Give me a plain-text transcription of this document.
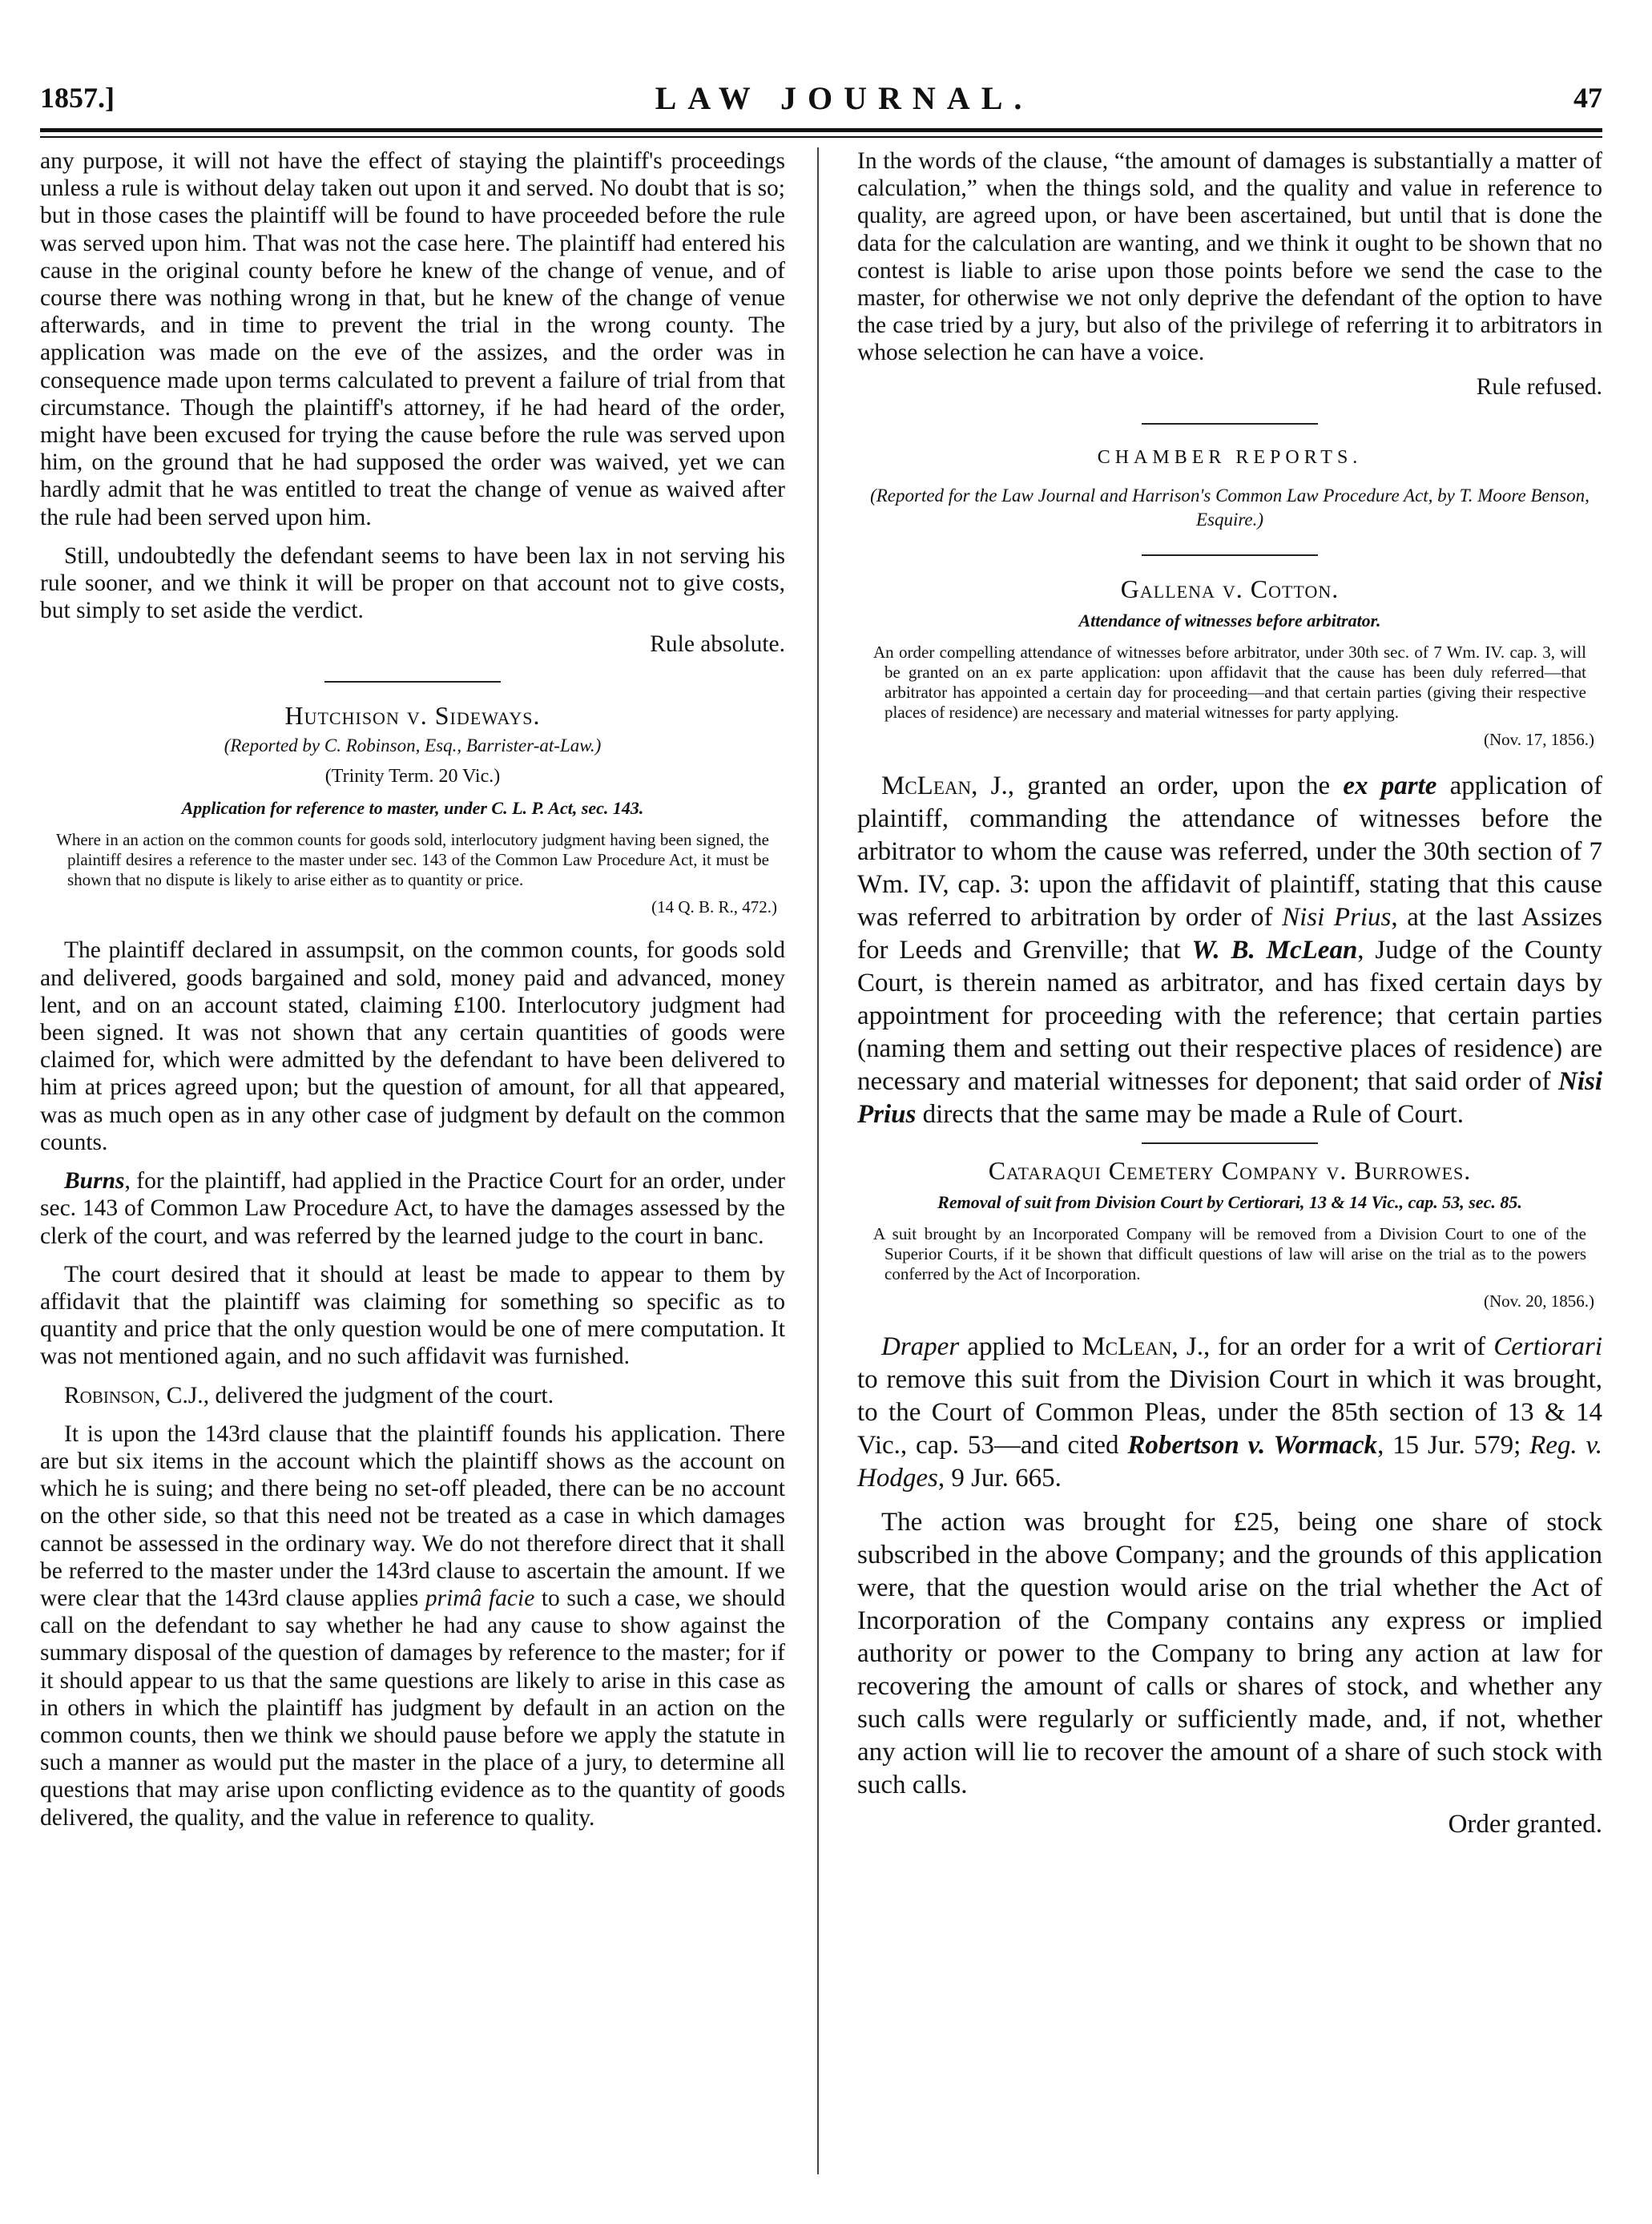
1857.]	LAW JOURNAL.	47

any purpose, it will not have the effect of staying the plaintiff's proceedings unless a rule is without delay taken out upon it and served. No doubt that is so; but in those cases the plaintiff will be found to have proceeded before the rule was served upon him. That was not the case here. The plaintiff had entered his cause in the original county before he knew of the change of venue, and of course there was nothing wrong in that, but he knew of the change of venue afterwards, and in time to prevent the trial in the wrong county. The application was made on the eve of the assizes, and the order was in consequence made upon terms calculated to prevent a failure of trial from that circumstance. Though the plaintiff's attorney, if he had heard of the order, might have been excused for trying the cause before the rule was served upon him, on the ground that he had supposed the order was waived, yet we can hardly admit that he was entitled to treat the change of venue as waived after the rule had been served upon him.

Still, undoubtedly the defendant seems to have been lax in not serving his rule sooner, and we think it will be proper on that account not to give costs, but simply to set aside the verdict.

Rule absolute.
Hutchison v. Sideways.
(Reported by C. Robinson, Esq., Barrister-at-Law.)
(Trinity Term. 20 Vic.)
Application for reference to master, under C. L. P. Act, sec. 143.
Where in an action on the common counts for goods sold, interlocutory judgment having been signed, the plaintiff desires a reference to the master under sec. 143 of the Common Law Procedure Act, it must be shown that no dispute is likely to arise either as to quantity or price.
(14 Q. B. R., 472.)

The plaintiff declared in assumpsit, on the common counts, for goods sold and delivered, goods bargained and sold, money paid and advanced, money lent, and on an account stated, claiming £100. Interlocutory judgment had been signed. It was not shown that any certain quantities of goods were claimed for, which were admitted by the defendant to have been delivered to him at prices agreed upon; but the question of amount, for all that appeared, was as much open as in any other case of judgment by default on the common counts.

Burns, for the plaintiff, had applied in the Practice Court for an order, under sec. 143 of Common Law Procedure Act, to have the damages assessed by the clerk of the court, and was referred by the learned judge to the court in banc.

The court desired that it should at least be made to appear to them by affidavit that the plaintiff was claiming for something so specific as to quantity and price that the only question would be one of mere computation. It was not mentioned again, and no such affidavit was furnished.

Robinson, C.J., delivered the judgment of the court.

It is upon the 143rd clause that the plaintiff founds his application. There are but six items in the account which the plaintiff shows as the account on which he is suing; and there being no set-off pleaded, there can be no account on the other side, so that this need not be treated as a case in which damages cannot be assessed in the ordinary way. We do not therefore direct that it shall be referred to the master under the 143rd clause to ascertain the amount. If we were clear that the 143rd clause applies primâ facie to such a case, we should call on the defendant to say whether he had any cause to show against the summary disposal of the question of damages by reference to the master; for if it should appear to us that the same questions are likely to arise in this case as in others in which the plaintiff has judgment by default in an action on the common counts, then we think we should pause before we apply the statute in such a manner as would put the master in the place of a jury, to determine all questions that may arise upon conflicting evidence as to the quantity of goods delivered, the quality, and the value in reference to quality.

In the words of the clause, “the amount of damages is substantially a matter of calculation,” when the things sold, and the quality and value in reference to quality, are agreed upon, or have been ascertained, but until that is done the data for the calculation are wanting, and we think it ought to be shown that no contest is liable to arise upon those points before we send the case to the master, for otherwise we not only deprive the defendant of the option to have the case tried by a jury, but also of the privilege of referring it to arbitrators in whose selection he can have a voice.

Rule refused.
CHAMBER REPORTS.
(Reported for the Law Journal and Harrison's Common Law Procedure Act, by T. Moore Benson, Esquire.)
Gallena v. Cotton.
Attendance of witnesses before arbitrator.
An order compelling attendance of witnesses before arbitrator, under 30th sec. of 7 Wm. IV. cap. 3, will be granted on an ex parte application: upon affidavit that the cause has been duly referred—that arbitrator has appointed a certain day for proceeding—and that certain parties (giving their respective places of residence) are necessary and material witnesses for party applying.
(Nov. 17, 1856.)

McLean, J., granted an order, upon the ex parte application of plaintiff, commanding the attendance of witnesses before the arbitrator to whom the cause was referred, under the 30th section of 7 Wm. IV, cap. 3: upon the affidavit of plaintiff, stating that this cause was referred to arbitration by order of Nisi Prius, at the last Assizes for Leeds and Grenville; that W. B. McLean, Judge of the County Court, is therein named as arbitrator, and has fixed certain days by appointment for proceeding with the reference; that certain parties (naming them and setting out their respective places of residence) are necessary and material witnesses for deponent; that said order of Nisi Prius directs that the same may be made a Rule of Court.

Cataraqui Cemetery Company v. Burrowes.
Removal of suit from Division Court by Certiorari, 13 & 14 Vic., cap. 53, sec. 85.
A suit brought by an Incorporated Company will be removed from a Division Court to one of the Superior Courts, if it be shown that difficult questions of law will arise on the trial as to the powers conferred by the Act of Incorporation.
(Nov. 20, 1856.)

Draper applied to McLean, J., for an order for a writ of Certiorari to remove this suit from the Division Court in which it was brought, to the Court of Common Pleas, under the 85th section of 13 & 14 Vic., cap. 53—and cited Robertson v. Wormack, 15 Jur. 579; Reg. v. Hodges, 9 Jur. 665.

The action was brought for £25, being one share of stock subscribed in the above Company; and the grounds of this application were, that the question would arise on the trial whether the Act of Incorporation of the Company contains any express or implied authority or power to the Company to bring any action at law for recovering the amount of calls or shares of stock, and whether any such calls were regularly or sufficiently made, and, if not, whether any action will lie to recover the amount of a share of such stock with such calls.

Order granted.
